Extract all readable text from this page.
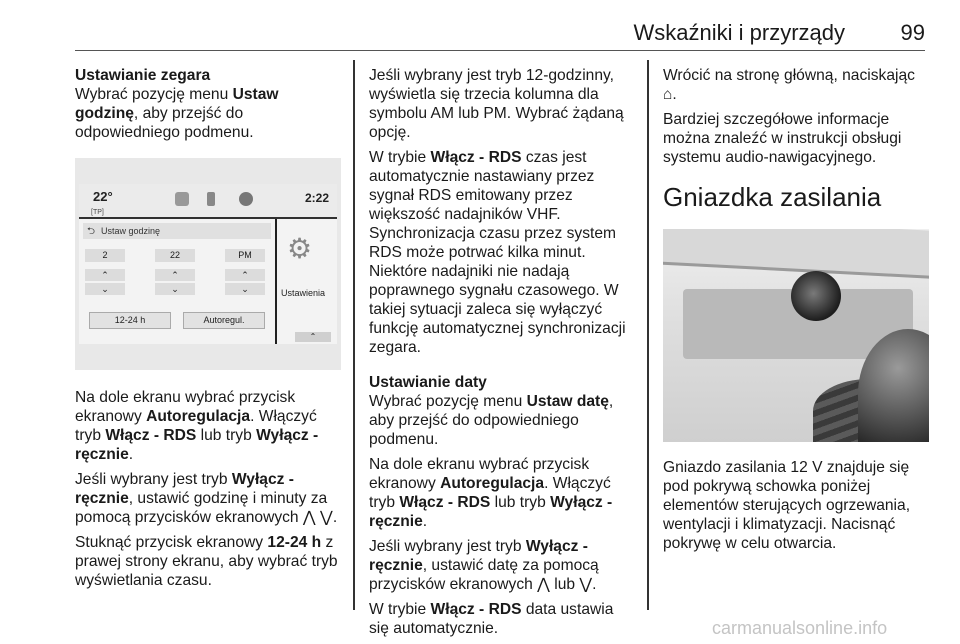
Wskaźniki i przyrządy	99

Ustawianie zegara

Wybrać pozycję menu Ustaw godzinę, aby przejść do odpowiedniego podmenu.

22°
[TP]
2:22
⮌ Ustaw godzinę
2	22	PM
⌃
⌄
⌃
⌄
⌃
⌄
12-24 h	Autoregul.
⚙
Ustawienia
⌃

Na dole ekranu wybrać przycisk ekranowy Autoregulacja. Włączyć tryb Włącz - RDS lub tryb Wyłącz - ręcznie.

Jeśli wybrany jest tryb Wyłącz - ręcznie, ustawić godzinę i minuty za pomocą przycisków ekranowych ⋀ ⋁.

Stuknąć przycisk ekranowy 12-24 h z prawej strony ekranu, aby wybrać tryb wyświetlania czasu.

Jeśli wybrany jest tryb 12-godzinny, wyświetla się trzecia kolumna dla symbolu AM lub PM. Wybrać żądaną opcję.

W trybie Włącz - RDS czas jest automatycznie nastawiany przez sygnał RDS emitowany przez większość nadajników VHF. Synchronizacja czasu przez system RDS może potrwać kilka minut. Niektóre nadajniki nie nadają poprawnego sygnału czasowego. W takiej sytuacji zaleca się wyłączyć funkcję automatycznej synchronizacji zegara.

Ustawianie daty

Wybrać pozycję menu Ustaw datę, aby przejść do odpowiedniego podmenu.

Na dole ekranu wybrać przycisk ekranowy Autoregulacja. Włączyć tryb Włącz - RDS lub tryb Wyłącz - ręcznie.

Jeśli wybrany jest tryb Wyłącz - ręcznie, ustawić datę za pomocą przycisków ekranowych ⋀ lub ⋁.

W trybie Włącz - RDS data ustawia się automatycznie.

Wrócić na stronę główną, naciskając ⌂.

Bardziej szczegółowe informacje można znaleźć w instrukcji obsługi systemu audio-nawigacyjnego.

Gniazdka zasilania

Gniazdo zasilania 12 V znajduje się pod pokrywą schowka poniżej elementów sterujących ogrzewania, wentylacji i klimatyzacji. Nacisnąć pokrywę w celu otwarcia.

carmanualsonline.info
